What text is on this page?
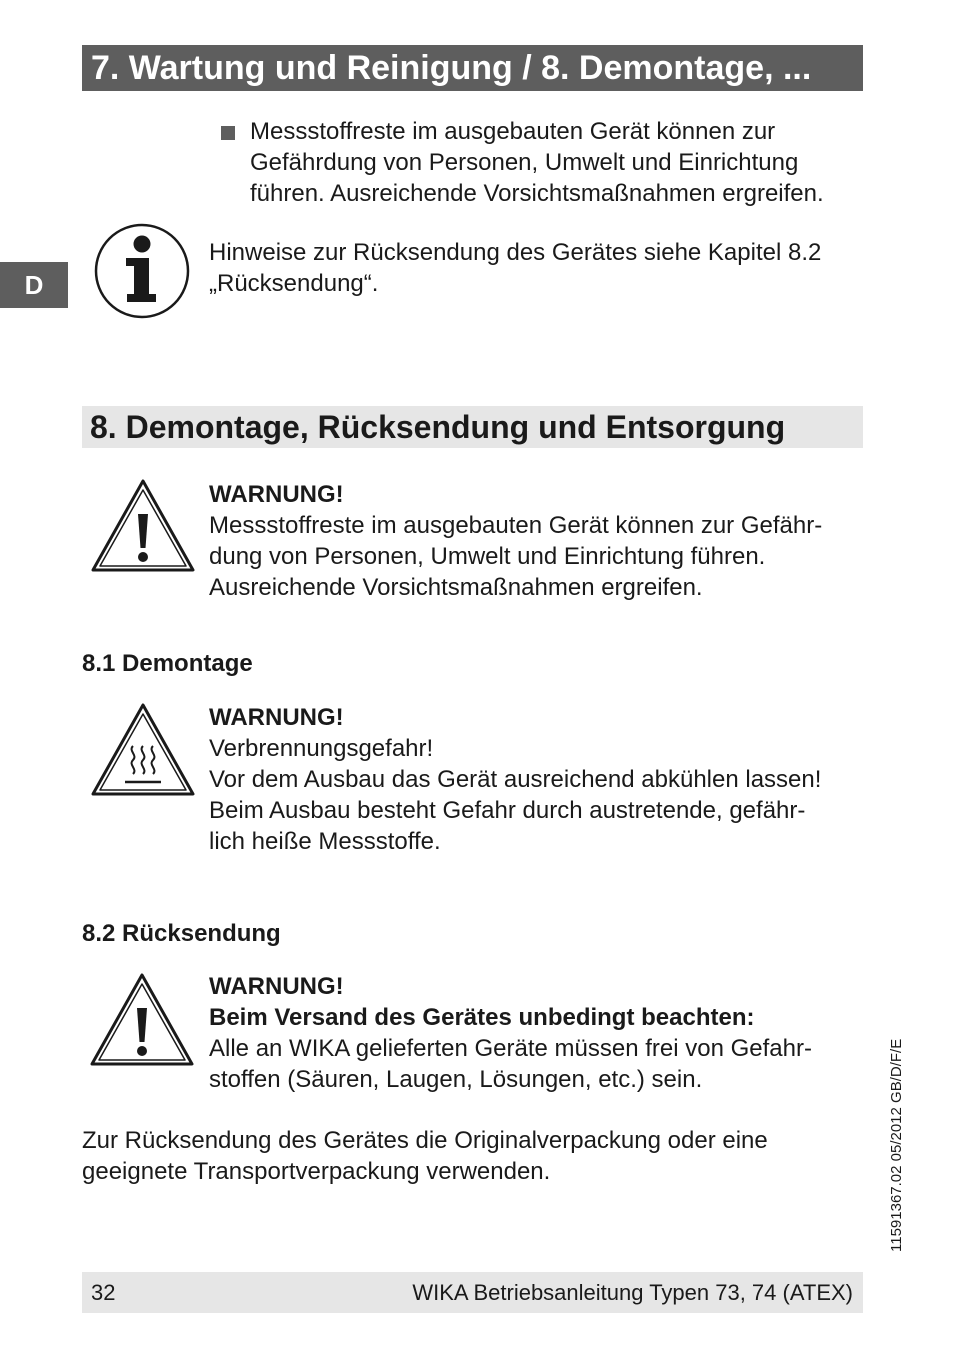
7. Wartung und Reinigung / 8. Demontage, ...
D
Messstoffreste im ausgebauten Gerät können zur
Gefährdung von Personen, Umwelt und Einrichtung
führen. Ausreichende Vorsichtsmaßnahmen ergreifen.
Hinweise zur Rücksendung des Gerätes siehe Kapitel 8.2
„Rücksendung“.
8. Demontage, Rücksendung und Entsorgung
WARNUNG!
Messstoffreste im ausgebauten Gerät können zur Gefähr-
dung von Personen, Umwelt und Einrichtung führen.
Ausreichende Vorsichtsmaßnahmen ergreifen.
8.1 Demontage
WARNUNG!
Verbrennungsgefahr!
Vor dem Ausbau das Gerät ausreichend abkühlen lassen!
Beim Ausbau besteht Gefahr durch austretende, gefähr-
lich heiße Messstoffe.
8.2 Rücksendung
WARNUNG!
Beim Versand des Gerätes unbedingt beachten:
Alle an WIKA gelieferten Geräte müssen frei von Gefahr-
stoffen (Säuren, Laugen, Lösungen, etc.) sein.
Zur Rücksendung des Gerätes die Originalverpackung oder eine
geeignete Transportverpackung verwenden.	11591367.02 05/2012 GB/D/F/E
32	WIKA Betriebsanleitung Typen 73, 74 (ATEX)
